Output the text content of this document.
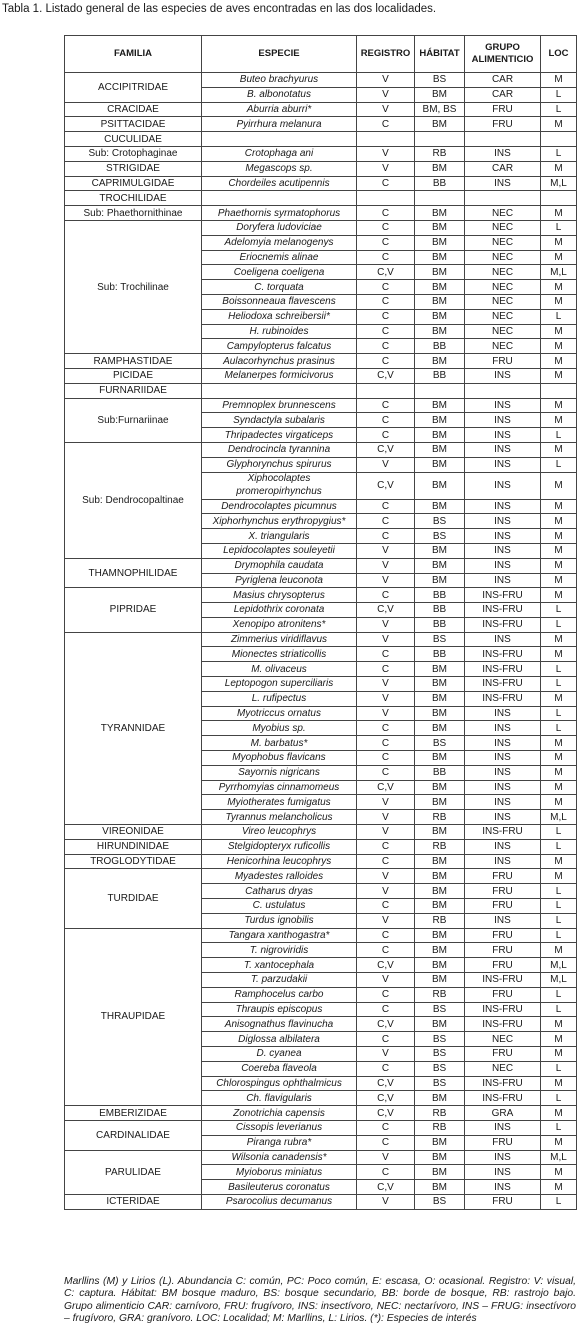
Tabla 1. Listado general de las especies de aves encontradas en las dos localidades.
FAMILIA	ESPECIE	REGISTRO	HÁBITAT	GRUPO ALIMENTICIO	LOC
ACCIPITRIDAE	Buteo brachyurus	V	BS	CAR	M
	B. albonotatus	V	BM	CAR	L
CRACIDAE	Aburria aburri*	V	BM, BS	FRU	L
PSITTACIDAE	Pyirrhura melanura	C	BM	FRU	M
CUCULIDAE					
Sub: Crotophaginae	Crotophaga ani	V	RB	INS	L
STRIGIDAE	Megascops sp.	V	BM	CAR	M
CAPRIMULGIDAE	Chordeiles acutipennis	C	BB	INS	M,L
TROCHILIDAE					
Sub: Phaethornithinae	Phaethornis syrmatophorus	C	BM	NEC	M
Sub: Trochilinae	Doryfera ludoviciae	C	BM	NEC	L
	Adelomyia melanogenys	C	BM	NEC	M
	Eriocnemis alinae	C	BM	NEC	M
	Coeligena coeligena	C,V	BM	NEC	M,L
	C. torquata	C	BM	NEC	M
	Boissonneaua flavescens	C	BM	NEC	M
	Heliodoxa schreibersii*	C	BM	NEC	L
	H. rubinoides	C	BM	NEC	M
	Campylopterus falcatus	C	BB	NEC	M
RAMPHASTIDAE	Aulacorhynchus prasinus	C	BM	FRU	M
PICIDAE	Melanerpes formicivorus	C,V	BB	INS	M
FURNARIIDAE					
Sub:Furnariinae	Premnoplex brunnescens	C	BM	INS	M
	Syndactyla subalaris	C	BM	INS	M
	Thripadectes virgaticeps	C	BM	INS	L
Sub: Dendrocopaltinae	Dendrocincla tyrannina	C,V	BM	INS	M
	Glyphorynchus spirurus	V	BM	INS	L
	Xiphocolaptes promeropirhynchus	C,V	BM	INS	M
	Dendrocolaptes picumnus	C	BM	INS	M
	Xiphorhynchus erythropygius*	C	BS	INS	M
	X. triangularis	C	BS	INS	M
	Lepidocolaptes souleyetii	V	BM	INS	M
THAMNOPHILIDAE	Drymophila caudata	V	BM	INS	M
	Pyriglena leuconota	V	BM	INS	M
PIPRIDAE	Masius chrysopterus	C	BB	INS-FRU	M
	Lepidothrix coronata	C,V	BB	INS-FRU	L
	Xenopipo atronitens*	V	BB	INS-FRU	L
TYRANNIDAE	Zimmerius viridiflavus	V	BS	INS	M
	Mionectes striaticollis	C	BB	INS-FRU	M
	M. olivaceus	C	BM	INS-FRU	L
	Leptopogon superciliaris	V	BM	INS-FRU	L
	L. rufipectus	V	BM	INS-FRU	M
	Myotriccus ornatus	V	BM	INS	L
	Myobius sp.	C	BM	INS	L
	M. barbatus*	C	BS	INS	M
	Myophobus flavicans	C	BM	INS	M
	Sayornis nigricans	C	BB	INS	M
	Pyrrhomyias cinnamomeus	C,V	BM	INS	M
	Myiotherates fumigatus	V	BM	INS	M
	Tyrannus melancholicus	V	RB	INS	M,L
VIREONIDAE	Vireo leucophrys	V	BM	INS-FRU	L
HIRUNDINIDAE	Stelgidopteryx ruficollis	C	RB	INS	L
TROGLODYTIDAE	Henicorhina leucophrys	C	BM	INS	M
TURDIDAE	Myadestes ralloides	V	BM	FRU	M
	Catharus dryas	V	BM	FRU	L
	C. ustulatus	C	BM	FRU	L
	Turdus ignobilis	V	RB	INS	L
THRAUPIDAE	Tangara xanthogastra*	C	BM	FRU	L
	T. nigroviridis	C	BM	FRU	M
	T. xantocephala	C,V	BM	FRU	M,L
	T. parzudakii	V	BM	INS-FRU	M,L
	Ramphocelus carbo	C	RB	FRU	L
	Thraupis episcopus	C	BS	INS-FRU	L
	Anisognathus flavinucha	C,V	BM	INS-FRU	M
	Diglossa albilatera	C	BS	NEC	M
	D. cyanea	V	BS	FRU	M
	Coereba flaveola	C	BS	NEC	L
	Chlorospingus ophthalmicus	C,V	BS	INS-FRU	M
	Ch. flavigularis	C,V	BM	INS-FRU	L
EMBERIZIDAE	Zonotrichia capensis	C,V	RB	GRA	M
CARDINALIDAE	Cissopis leverianus	C	RB	INS	L
	Piranga rubra*	C	BM	FRU	M
PARULIDAE	Wilsonia canadensis*	V	BM	INS	M,L
	Myioborus miniatus	C	BM	INS	M
	Basileuterus coronatus	C,V	BM	INS	M
ICTERIDAE	Psarocolius decumanus	V	BS	FRU	L
Marllins (M) y Lirios (L). Abundancia C: común, PC: Poco común, E: escasa, O: ocasional. Registro: V: visual, C: captura. Hábitat: BM bosque maduro, BS: bosque secundario, BB: borde de bosque, RB: rastrojo bajo. Grupo alimenticio CAR: carnívoro, FRU: frugívoro, INS: insectívoro, NEC: nectarívoro, INS – FRUG: insectívoro – frugívoro, GRA: granívoro. LOC: Localidad; M: Marllins, L: Lirios. (*): Especies de interés
